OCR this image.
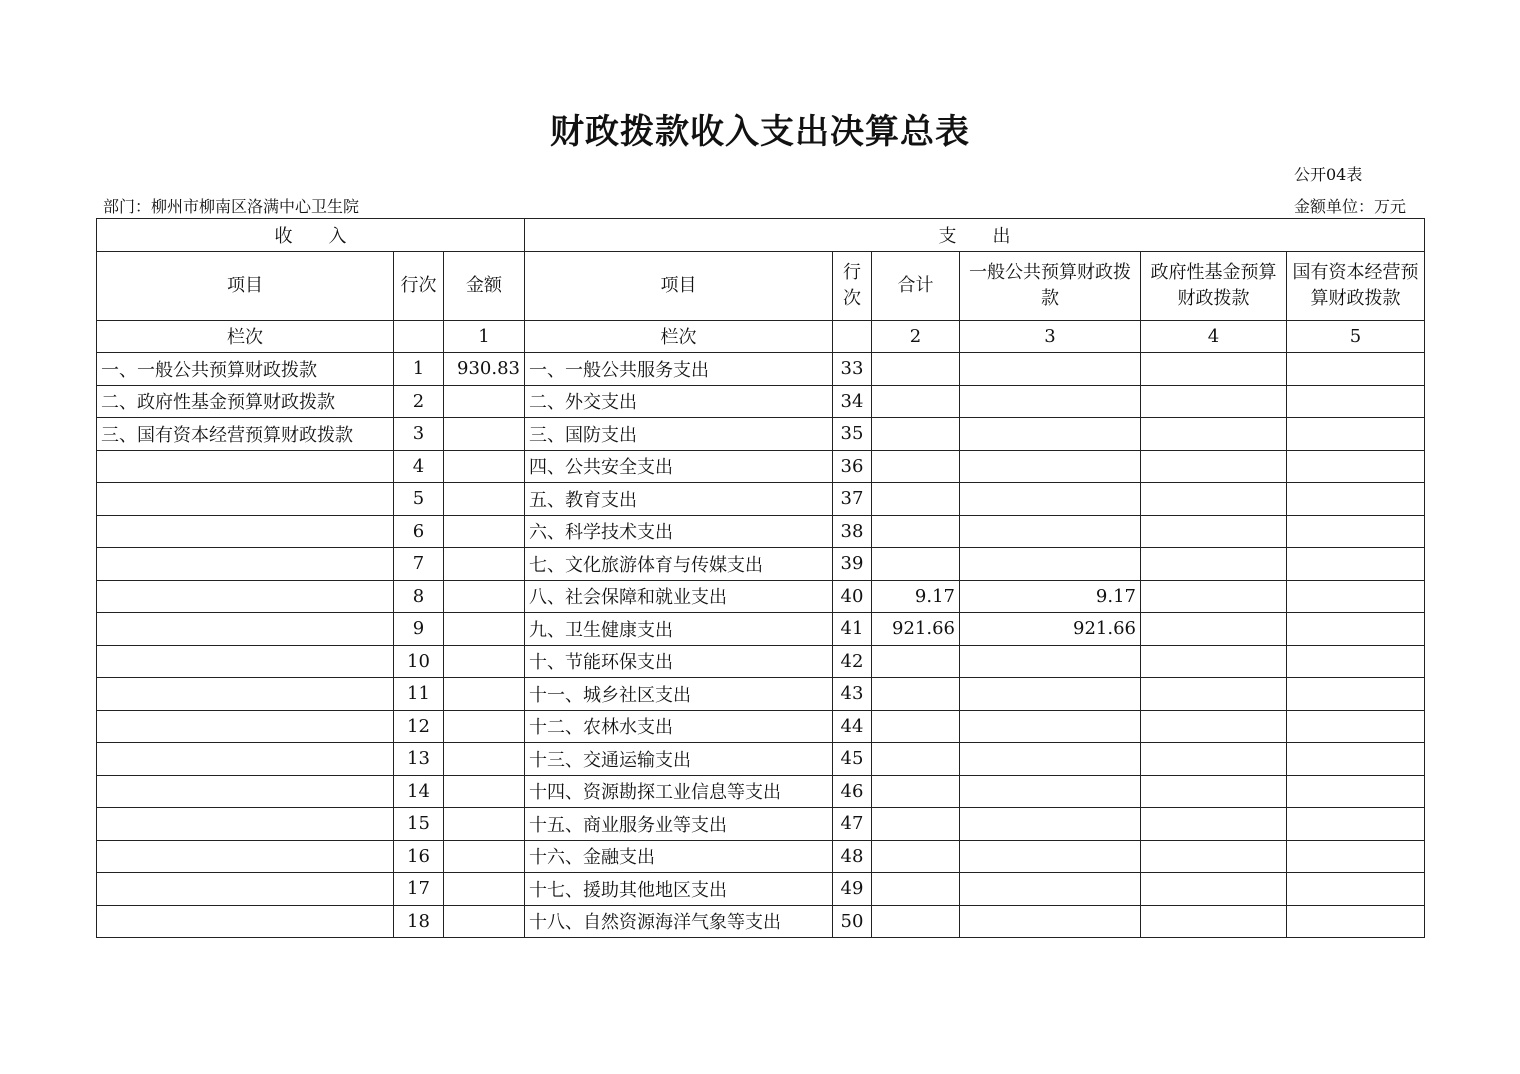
财政拨款收入支出决算总表
公开04表
部门：柳州市柳南区洛满中心卫生院	金额单位：万元
收　　入			支　　出					
项目	行次	金额	项目	行次	合计	一般公共预算财政拨款	政府性基金预算财政拨款	国有资本经营预算财政拨款
栏次		1	栏次		2	3	4	5
一、一般公共预算财政拨款	1	930.83	一、一般公共服务支出	33				
二、政府性基金预算财政拨款	2		二、外交支出	34				
三、国有资本经营预算财政拨款	3		三、国防支出	35				
	4		四、公共安全支出	36				
	5		五、教育支出	37				
	6		六、科学技术支出	38				
	7		七、文化旅游体育与传媒支出	39				
	8		八、社会保障和就业支出	40	9.17	9.17		
	9		九、卫生健康支出	41	921.66	921.66		
	10		十、节能环保支出	42				
	11		十一、城乡社区支出	43				
	12		十二、农林水支出	44				
	13		十三、交通运输支出	45				
	14		十四、资源勘探工业信息等支出	46				
	15		十五、商业服务业等支出	47				
	16		十六、金融支出	48				
	17		十七、援助其他地区支出	49				
	18		十八、自然资源海洋气象等支出	50				
